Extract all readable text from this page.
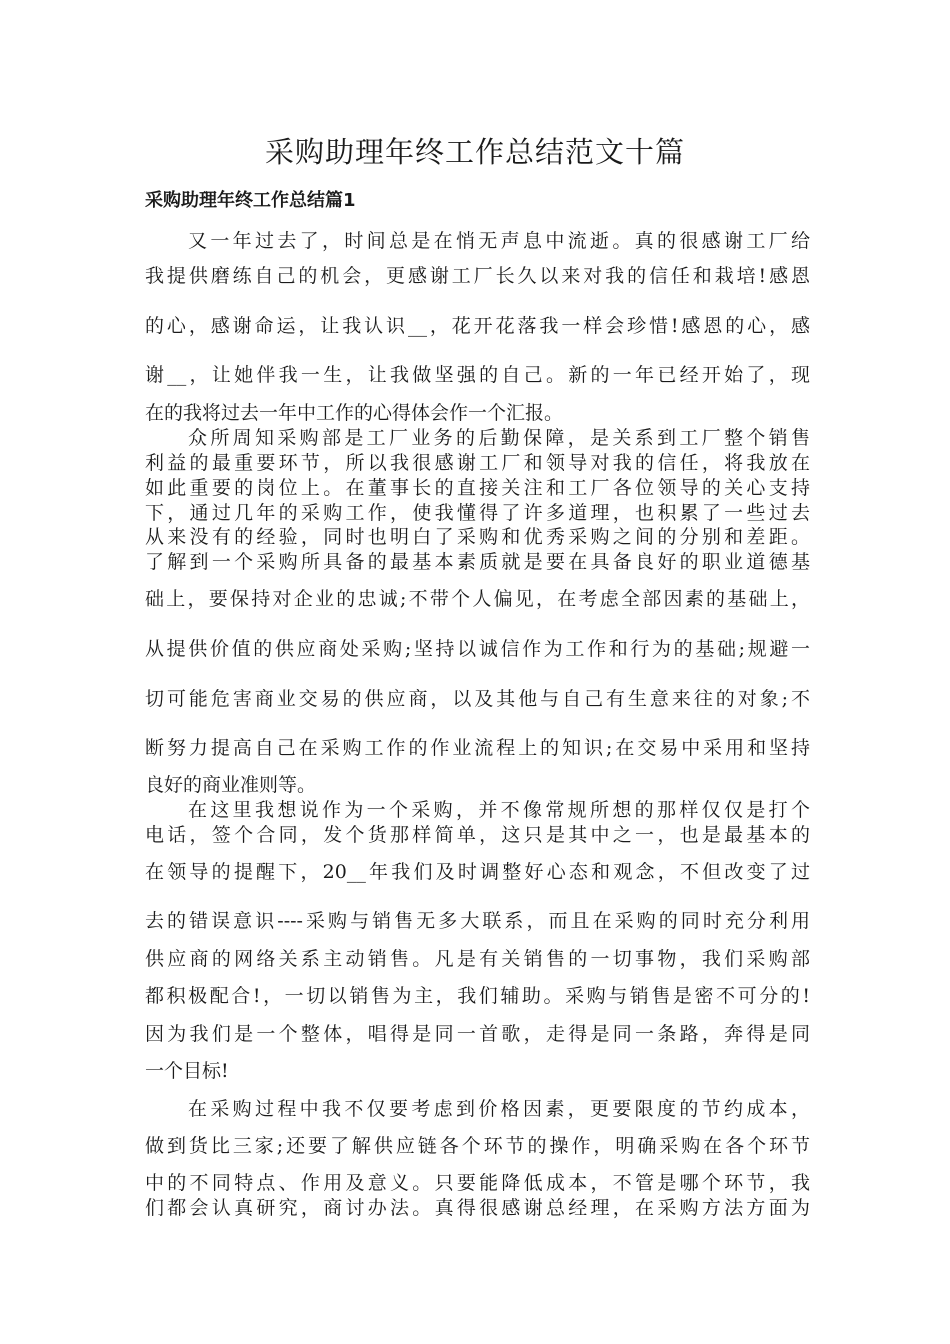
采购助理年终工作总结范文十篇
采购助理年终工作总结篇1
又一年过去了，时间总是在悄无声息中流逝。真的很感谢工厂给
我提供磨练自己的机会，更感谢工厂长久以来对我的信任和栽培!感恩
的心，感谢命运，让我认识__，花开花落我一样会珍惜!感恩的心，感
谢__，让她伴我一生，让我做坚强的自己。新的一年已经开始了，现
在的我将过去一年中工作的心得体会作一个汇报。
众所周知采购部是工厂业务的后勤保障，是关系到工厂整个销售
利益的最重要环节，所以我很感谢工厂和领导对我的信任，将我放在
如此重要的岗位上。在董事长的直接关注和工厂各位领导的关心支持
下，通过几年的采购工作，使我懂得了许多道理，也积累了一些过去
从来没有的经验，同时也明白了采购和优秀采购之间的分别和差距。
了解到一个采购所具备的最基本素质就是要在具备良好的职业道德基
础上，要保持对企业的忠诚;不带个人偏见，在考虑全部因素的基础上，
从提供价值的供应商处采购;坚持以诚信作为工作和行为的基础;规避一
切可能危害商业交易的供应商，以及其他与自己有生意来往的对象;不
断努力提高自己在采购工作的作业流程上的知识;在交易中采用和坚持
良好的商业准则等。
在这里我想说作为一个采购，并不像常规所想的那样仅仅是打个
电话，签个合同，发个货那样简单，这只是其中之一，也是最基本的
在领导的提醒下，20__年我们及时调整好心态和观念，不但改变了过
去的错误意识----采购与销售无多大联系，而且在采购的同时充分利用
供应商的网络关系主动销售。凡是有关销售的一切事物，我们采购部
都积极配合!，一切以销售为主，我们辅助。采购与销售是密不可分的!
因为我们是一个整体，唱得是同一首歌，走得是同一条路，奔得是同
一个目标!
在采购过程中我不仅要考虑到价格因素，更要限度的节约成本，
做到货比三家;还要了解供应链各个环节的操作，明确采购在各个环节
中的不同特点、作用及意义。只要能降低成本，不管是哪个环节，我
们都会认真研究，商讨办法。真得很感谢总经理，在采购方法方面为
